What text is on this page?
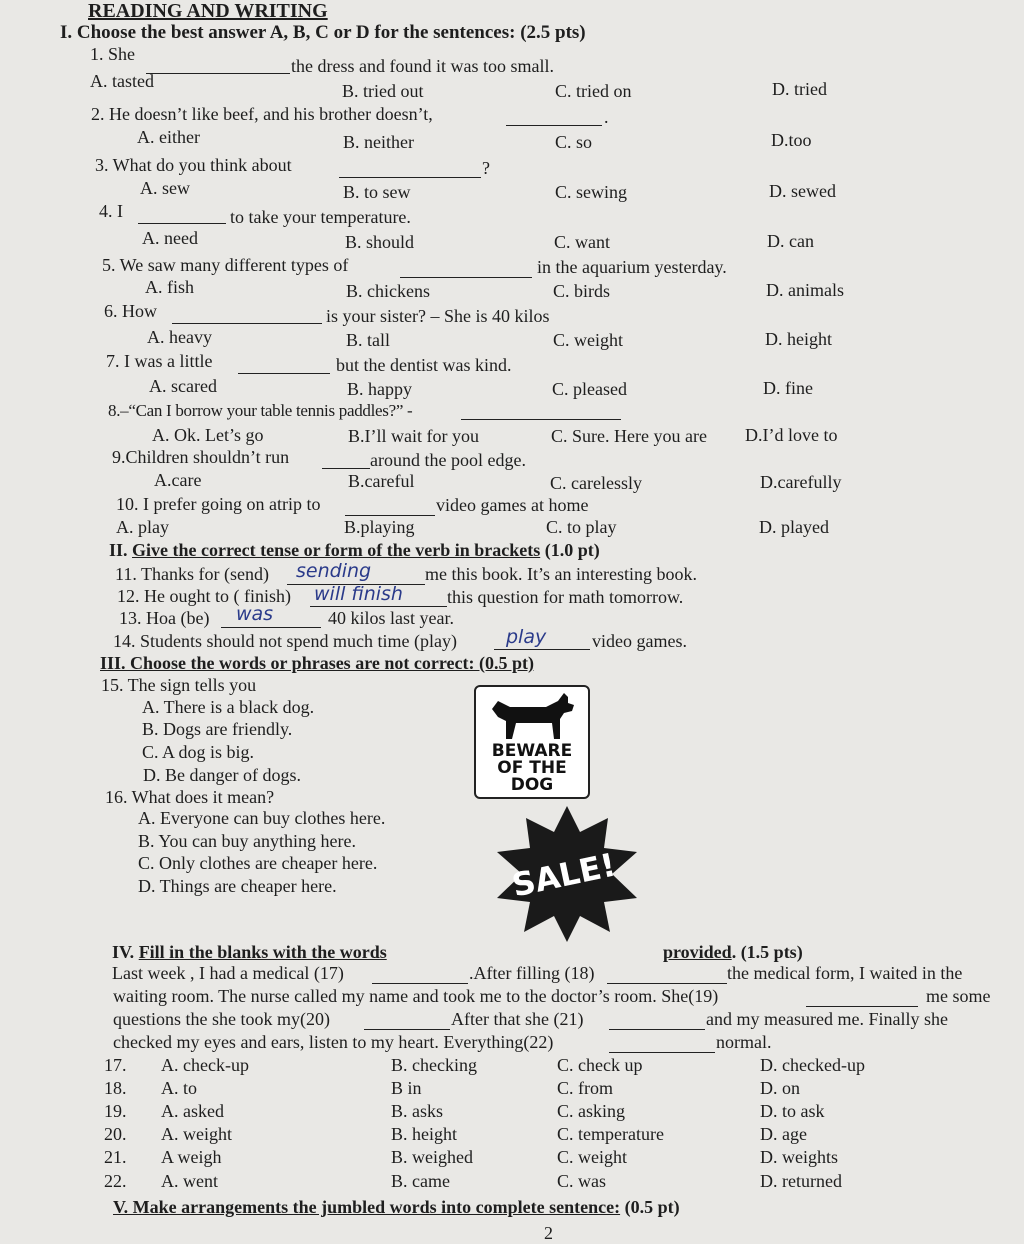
READING AND WRITING
I. Choose the best answer A, B, C or D for the sentences: (2.5 pts)
1. She
the dress and found it was too small.
A. tasted	B. tried out	C. tried on	D. tried
2. He doesn’t like beef, and his brother doesn’t,	.
A. either	B. neither	C. so	D.too
3. What do you think about	?
A. sew	B. to sew	C. sewing	D. sewed
4. I	to take your temperature.
A. need	B. should	C. want	D. can
5. We saw many different types of	in the aquarium yesterday.
A. fish	B. chickens	C. birds	D. animals
6. How	is your sister? – She is 40 kilos
A. heavy	B. tall	C. weight	D. height
7. I was a little	but the dentist was kind.
A. scared	B. happy	C. pleased	D. fine
8.–“Can I borrow your table tennis paddles?” -
A. Ok. Let’s go	B.I’ll wait for you	C. Sure. Here you are D.I’d love to
9.Children shouldn’t run	around the pool edge.
A.care	B.careful	C. carelessly	D.carefully
10. I prefer going on atrip to	video games at home
A. play	B.playing	C. to play	D. played
II. Give the correct tense or form of the verb in brackets (1.0 pt)
11. Thanks for (send) sending	me this book. It’s an interesting book.
12. He ought to ( finish) will finish this question for math tomorrow.
13. Hoa (be) was	40 kilos last year.
14. Students should not spend much time (play)	play	video games.
III. Choose the words or phrases are not correct: (0.5 pt)
15. The sign tells you
A. There is a black dog.
B. Dogs are friendly.
C. A dog is big.
D. Be danger of dogs.
BEWARE
OF THE
DOG
16. What does it mean?
A. Everyone can buy clothes here.
B. You can buy anything here.
C. Only clothes are cheaper here.
D. Things are cheaper here.	SALE!
IV. Fill in the blanks with the words	provided. (1.5 pts)
Last week , I had a medical (17)	.After filling (18)	the medical form, I waited in the
waiting room. The nurse called my name and took me to the doctor’s room. She(19)	me some
questions the she took my(20)	After that she (21)	and my measured me. Finally she
checked my eyes and ears, listen to my heart. Everything(22)	normal.
17. A. check-up	B. checking	C. check up	D. checked-up
18. A. to	B in	C. from	D. on
19. A. asked	B. asks	C. asking	D. to ask
20. A. weight	B. height	C. temperature	D. age
21. A weigh	B. weighed	C. weight	D. weights
22. A. went	B. came	C. was	D. returned
V. Make arrangements the jumbled words into complete sentence: (0.5 pt)
2
